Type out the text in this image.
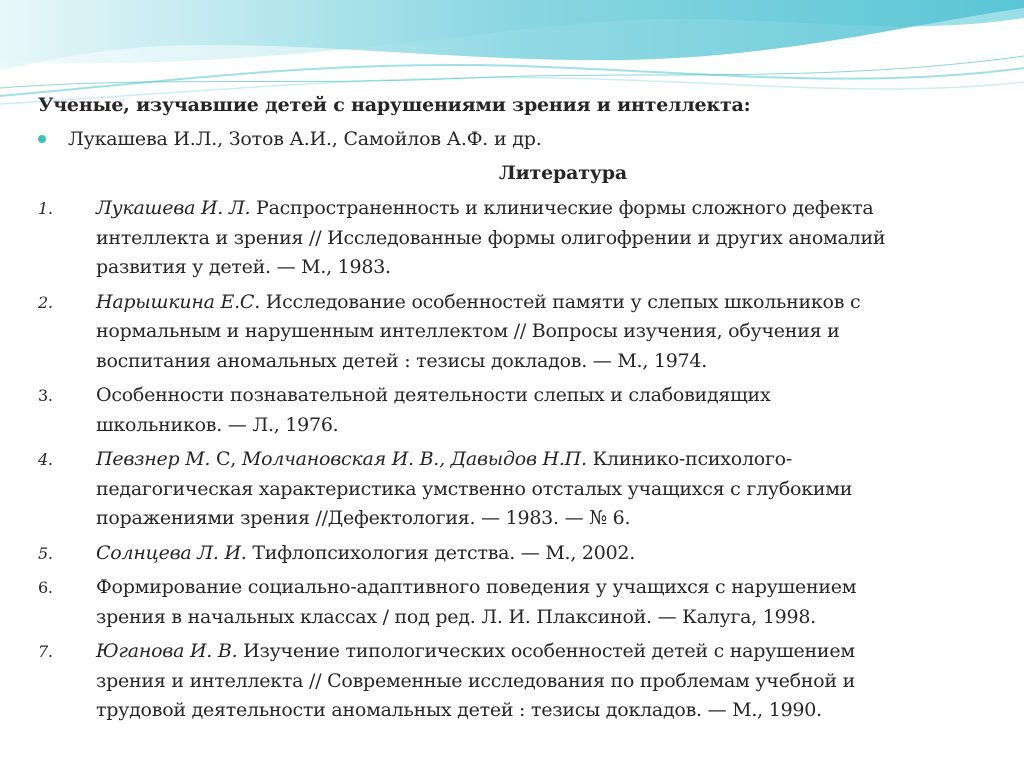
Ученые, изучавшие детей с нарушениями зрения и интеллекта:

Лукашева И.Л., Зотов А.И., Самойлов А.Ф. и др.
Литература
1. Лукашева И. Л. Распространенность и клинические формы сложного дефекта
интеллекта и зрения // Исследованные формы олигофрении и других аномалий
развития у детей. — М., 1983.
2. Нарышкина Е.С. Исследование особенностей памяти у слепых школьников с
нормальным и нарушенным интеллектом // Вопросы изучения, обучения и
воспитания аномальных детей : тезисы докладов. — М., 1974.
3. Особенности познавательной деятельности слепых и слабовидящих
школьников. — Л., 1976.
4. Певзнер М. С, Молчановская И. В., Давыдов Н.П. Клинико-психолого-
педагогическая характеристика умственно отсталых учащихся с глубокими
поражениями зрения //Дефектология. — 1983. — № 6.
5. Солнцева Л. И. Тифлопсихология детства. — М., 2002.
6. Формирование социально-адаптивного поведения у учащихся с нарушением
зрения в начальных классах / под ред. Л. И. Плаксиной. — Калуга, 1998.
7. Юганова И. В. Изучение типологических особенностей детей с нарушением
зрения и интеллекта // Современные исследования по проблемам учебной и
трудовой деятельности аномальных детей : тезисы докладов. — М., 1990.
